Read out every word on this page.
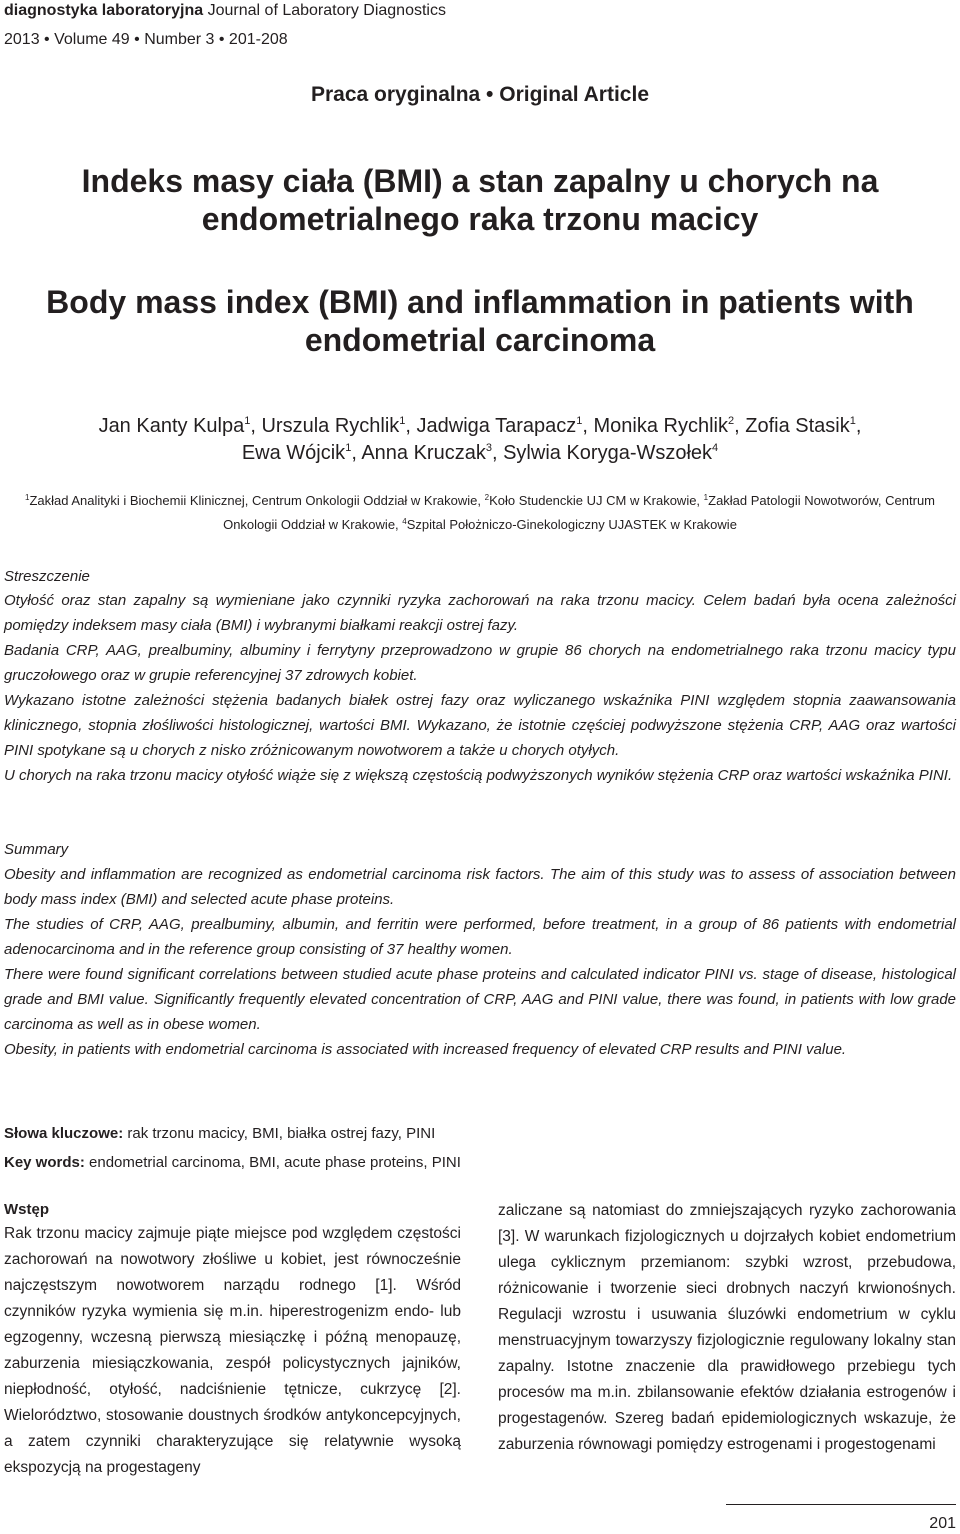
diagnostyka laboratoryjna Journal of Laboratory Diagnostics
2013 • Volume 49 • Number 3 • 201-208
Praca oryginalna • Original Article
Indeks masy ciała (BMI) a stan zapalny u chorych na endometrialnego raka trzonu macicy
Body mass index (BMI) and inflammation in patients with endometrial carcinoma
Jan Kanty Kulpa$^1$, Urszula Rychlik$^1$, Jadwiga Tarapacz$^1$, Monika Rychlik$^2$, Zofia Stasik$^1$,
Ewa Wójcik$^1$, Anna Kruczak$^3$, Sylwia Koryga-Wszołek$^4$
$^1$Zakład Analityki i Biochemii Klinicznej, Centrum Onkologii Oddział w Krakowie, $^2$Koło Studenckie UJ CM w Krakowie, $^1$Zakład Patologii Nowotworów, Centrum Onkologii Oddział w Krakowie, $^4$Szpital Położniczo-Ginekologiczny UJASTEK w Krakowie
Streszczenie

Otyłość oraz stan zapalny są wymieniane jako czynniki ryzyka zachorowań na raka trzonu macicy. Celem badań była ocena zależności pomiędzy indeksem masy ciała (BMI) i wybranymi białkami reakcji ostrej fazy.

Badania CRP, AAG, prealbuminy, albuminy i ferrytyny przeprowadzono w grupie 86 chorych na endometrialnego raka trzonu macicy typu gruczołowego oraz w grupie referencyjnej 37 zdrowych kobiet.

Wykazano istotne zależności stężenia badanych białek ostrej fazy oraz wyliczanego wskaźnika PINI względem stopnia zaawansowania klinicznego, stopnia złośliwości histologicznej, wartości BMI. Wykazano, że istotnie częściej podwyższone stężenia CRP, AAG oraz wartości PINI spotykane są u chorych z nisko zróżnicowanym nowotworem a także u chorych otyłych.

U chorych na raka trzonu macicy otyłość wiąże się z większą częstością podwyższonych wyników stężenia CRP oraz wartości wskaźnika PINI.

Summary

Obesity and inflammation are recognized as endometrial carcinoma risk factors. The aim of this study was to assess of association between body mass index (BMI) and selected acute phase proteins.

The studies of CRP, AAG, prealbuminy, albumin, and ferritin were performed, before treatment, in a group of 86 patients with endometrial adenocarcinoma and in the reference group consisting of 37 healthy women.

There were found significant correlations between studied acute phase proteins and calculated indicator PINI vs. stage of disease, histological grade and BMI value. Significantly frequently elevated concentration of CRP, AAG and PINI value, there was found, in patients with low grade carcinoma as well as in obese women.

Obesity, in patients with endometrial carcinoma is associated with increased frequency of elevated CRP results and PINI value.

Słowa kluczowe: rak trzonu macicy, BMI, białka ostrej fazy, PINI
Key words: endometrial carcinoma, BMI, acute phase proteins, PINI
Wstęp

Rak trzonu macicy zajmuje piąte miejsce pod względem częstości zachorowań na nowotwory złośliwe u kobiet, jest równocześnie najczęstszym nowotworem narządu rodnego [1]. Wśród czynników ryzyka wymienia się m.in. hiperestrogenizm endo- lub egzogenny, wczesną pierwszą miesiączkę i późną menopauzę, zaburzenia miesiączkowania, zespół policystycznych jajników, niepłodność, otyłość, nadciśnienie tętnicze, cukrzycę [2]. Wielorództwo, stosowanie doustnych środków antykoncepcyjnych, a zatem czynniki charakteryzujące się relatywnie wysoką ekspozycją na progestageny

zaliczane są natomiast do zmniejszających ryzyko zachorowania [3]. W warunkach fizjologicznych u dojrzałych kobiet endometrium ulega cyklicznym przemianom: szybki wzrost, przebudowa, różnicowanie i tworzenie sieci drobnych naczyń krwionośnych. Regulacji wzrostu i usuwania śluzówki endometrium w cyklu menstruacyjnym towarzyszy fizjologicznie regulowany lokalny stan zapalny. Istotne znaczenie dla prawidłowego przebiegu tych procesów ma m.in. zbilansowanie efektów działania estrogenów i progestagenów. Szereg badań epidemiologicznych wskazuje, że zaburzenia równowagi pomiędzy estrogenami i progestogenami

201
